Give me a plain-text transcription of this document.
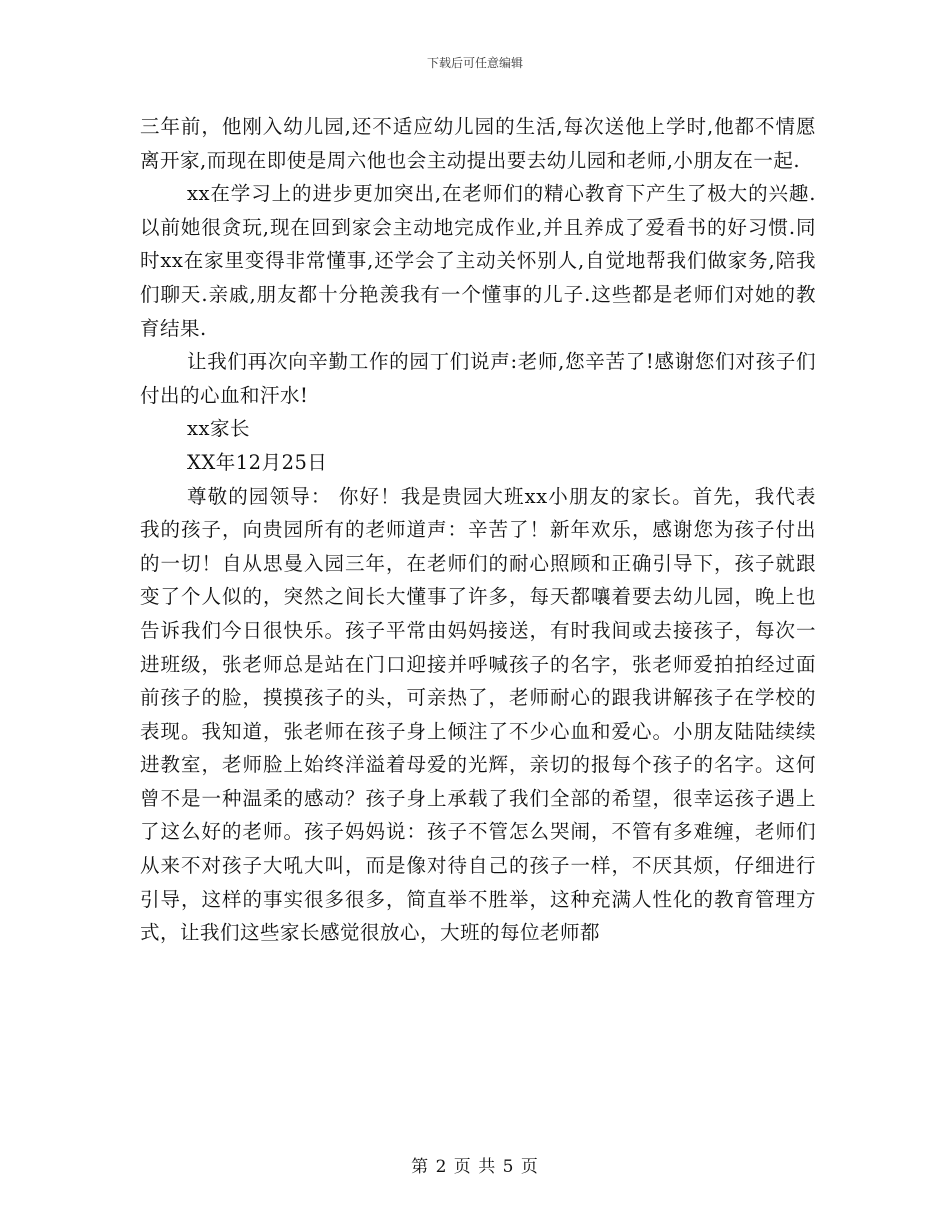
下载后可任意编辑

三年前，他刚入幼儿园,还不适应幼儿园的生活,每次送他上学时,他都不情愿离开家,而现在即使是周六他也会主动提出要去幼儿园和老师,小朋友在一起.

xx在学习上的进步更加突出,在老师们的精心教育下产生了极大的兴趣.以前她很贪玩,现在回到家会主动地完成作业,并且养成了爱看书的好习惯.同时xx在家里变得非常懂事,还学会了主动关怀别人,自觉地帮我们做家务,陪我们聊天.亲戚,朋友都十分艳羡我有一个懂事的儿子.这些都是老师们对她的教育结果.

让我们再次向辛勤工作的园丁们说声:老师,您辛苦了!感谢您们对孩子们付出的心血和汗水!

xx家长

XX年12月25日

尊敬的园领导： 你好！我是贵园大班xx小朋友的家长。首先，我代表我的孩子，向贵园所有的老师道声：辛苦了！新年欢乐，感谢您为孩子付出的一切！自从思曼入园三年，在老师们的耐心照顾和正确引导下，孩子就跟变了个人似的，突然之间长大懂事了许多，每天都嚷着要去幼儿园，晚上也告诉我们今日很快乐。孩子平常由妈妈接送，有时我间或去接孩子，每次一进班级，张老师总是站在门口迎接并呼喊孩子的名字，张老师爱拍拍经过面前孩子的脸，摸摸孩子的头，可亲热了，老师耐心的跟我讲解孩子在学校的表现。我知道，张老师在孩子身上倾注了不少心血和爱心。小朋友陆陆续续进教室，老师脸上始终洋溢着母爱的光辉，亲切的报每个孩子的名字。这何曾不是一种温柔的感动？孩子身上承载了我们全部的希望，很幸运孩子遇上了这么好的老师。孩子妈妈说：孩子不管怎么哭闹，不管有多难缠，老师们从来不对孩子大吼大叫，而是像对待自己的孩子一样，不厌其烦，仔细进行引导，这样的事实很多很多，简直举不胜举，这种充满人性化的教育管理方式，让我们这些家长感觉很放心，大班的每位老师都

第 2 页 共 5 页
